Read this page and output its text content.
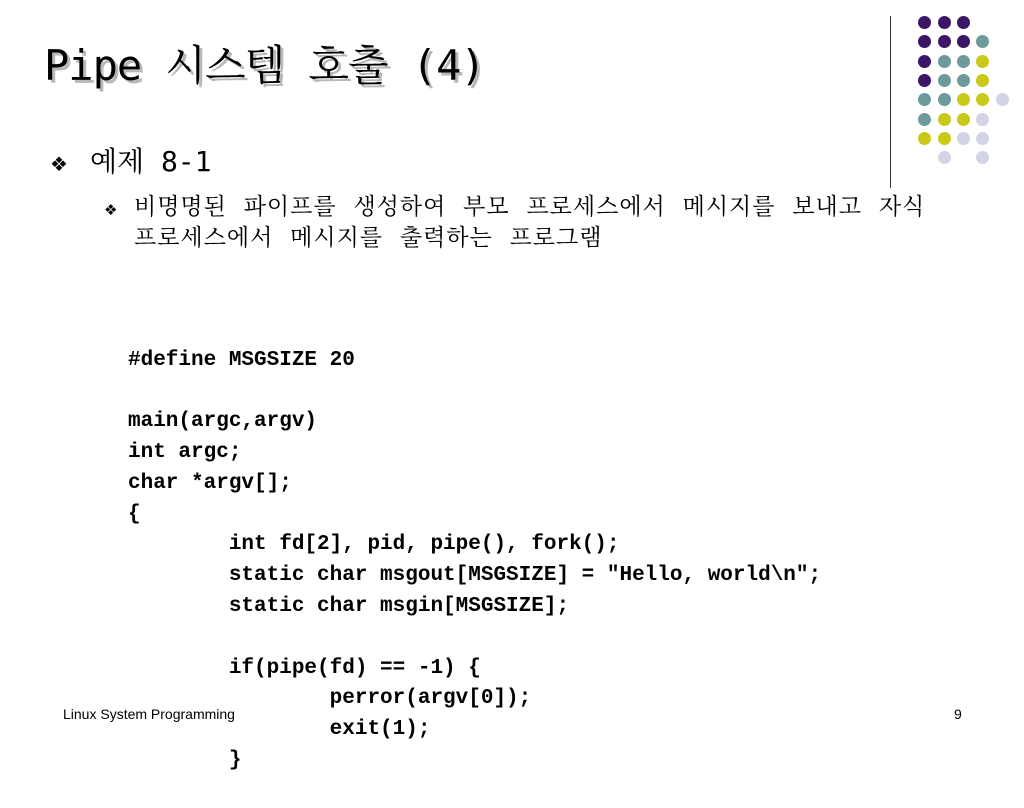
Pipe 시스템 호출 (4)
❖ 예제 8-1

❖ 비명명된 파이프를 생성하여 부모 프로세스에서 메시지를 보내고 자식 프로세스에서 메시지를 출력하는 프로그램

#define MSGSIZE 20
main(argc,argv)
int argc;
char *argv[];
{
int fd[2], pid, pipe(), fork();
static char msgout[MSGSIZE] = "Hello, world\n";
static char msgin[MSGSIZE];
if(pipe(fd) == -1) {
perror(argv[0]);
exit(1);
}

Linux System Programming	9
